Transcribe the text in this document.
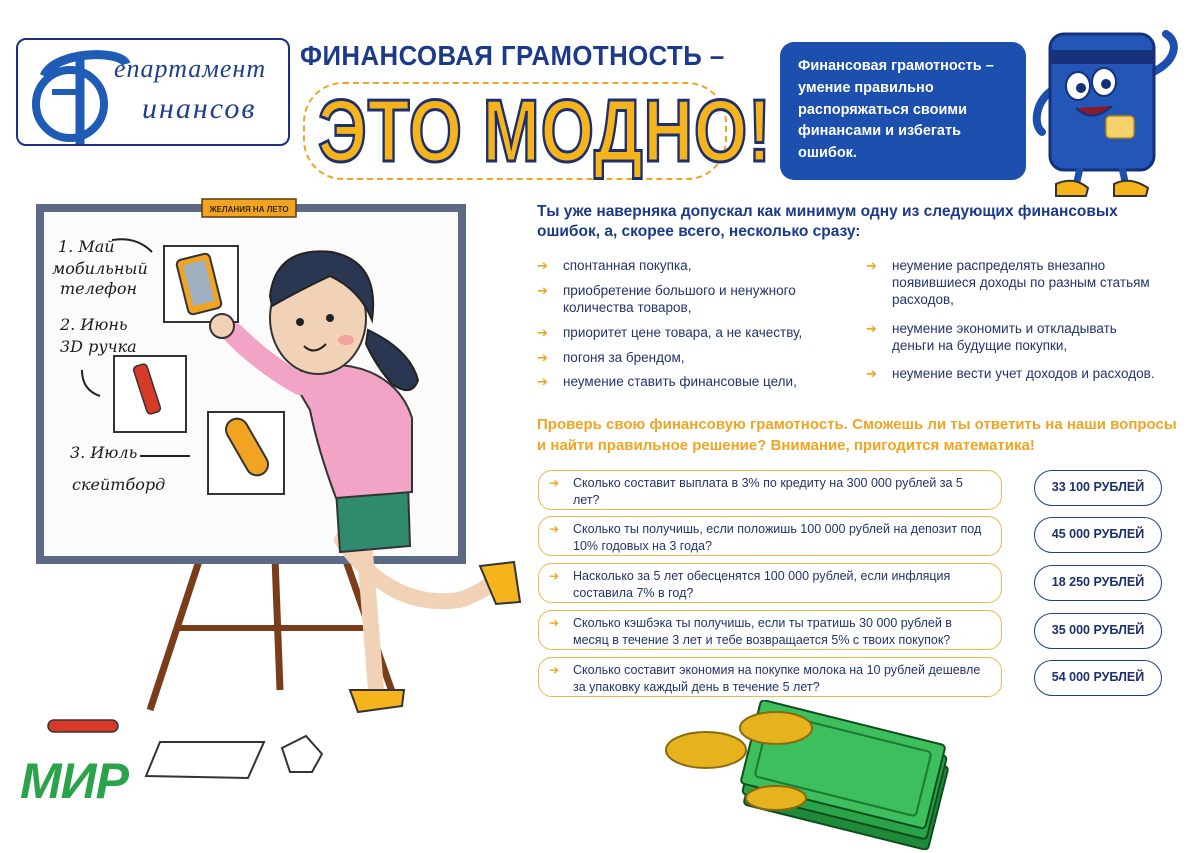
епартамент
инансов
ФИНАНСОВАЯ ГРАМОТНОСТЬ –
ЭТО МОДНО!
Финансовая грамотность – умение правильно распоряжаться своими финансами и избегать ошибок.
ЖЕЛАНИЯ НА ЛЕТО
1. Май
мобильный
телефон
2. Июнь
3D ручка
3. Июль
скейтборд
МИР
Ты уже наверняка допускал как минимум одну из следующих финансовых ошибок, а, скорее всего, несколько сразу:
➔ спонтанная покупка,
➔ приобретение большого и ненужного количества товаров,
➔ приоритет цене товара, а не качеству,
➔ погоня за брендом,
➔ неумение ставить финансовые цели,
➔ неумение распределять внезапно появившиеся доходы по разным статьям расходов,
➔ неумение экономить и откладывать деньги на будущие покупки,
➔ неумение вести учет доходов и расходов.
Проверь свою финансовую грамотность. Сможешь ли ты ответить на наши вопросы и найти правильное решение? Внимание, пригодится математика!
➔ Сколько составит выплата в 3% по кредиту на 300 000 рублей за 5 лет?
➔ Сколько ты получишь, если положишь 100 000 рублей на депозит под 10% годовых на 3 года?
➔ Насколько за 5 лет обесценятся 100 000 рублей, если инфляция составила 7% в год?
➔ Сколько кэшбэка ты получишь, если ты тратишь 30 000 рублей в месяц в течение 3 лет и тебе возвращается 5% с твоих покупок?
➔ Сколько составит экономия на покупке молока на 10 рублей дешевле за упаковку каждый день в течение 5 лет?
33 100 РУБЛЕЙ
45 000 РУБЛЕЙ
18 250 РУБЛЕЙ
35 000 РУБЛЕЙ
54 000 РУБЛЕЙ
